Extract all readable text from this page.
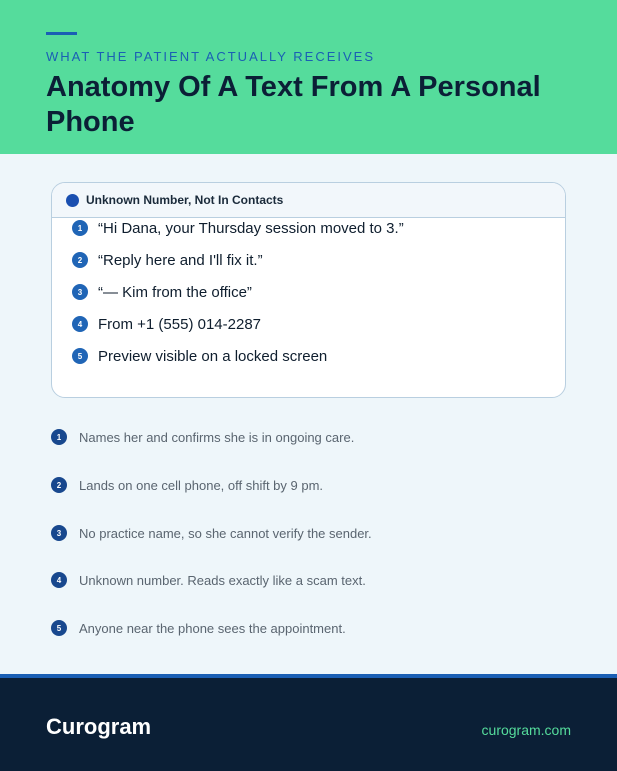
WHAT THE PATIENT ACTUALLY RECEIVES
Anatomy Of A Text From A Personal Phone
Unknown Number, Not In Contacts
1	“Hi Dana, your Thursday session moved to 3.”
2	“Reply here and I'll fix it.”
3	“— Kim from the office”
4	From +1 (555) 014-2287
5	Preview visible on a locked screen
1	Names her and confirms she is in ongoing care.
2	Lands on one cell phone, off shift by 9 pm.
3	No practice name, so she cannot verify the sender.
4	Unknown number. Reads exactly like a scam text.
5	Anyone near the phone sees the appointment.
Curogram	curogram.com
